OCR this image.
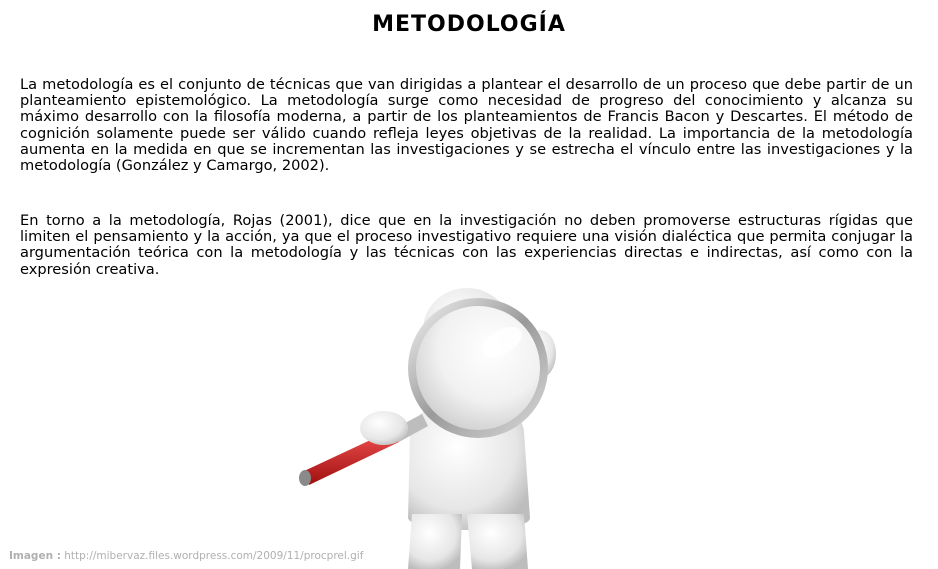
METODOLOGÍA

La metodología es el conjunto de técnicas que van dirigidas a plantear el desarrollo de un proceso que debe partir de un planteamiento epistemológico. La metodología surge como necesidad de progreso del conocimiento y alcanza su máximo desarrollo con la filosofía moderna, a partir de los planteamientos de Francis Bacon y Descartes. El método de cognición solamente puede ser válido cuando refleja leyes objetivas de la realidad. La importancia de la metodología aumenta en la medida en que se incrementan las investigaciones y se estrecha el vínculo entre las investigaciones y la metodología (González y Camargo, 2002).

En torno a la metodología, Rojas (2001), dice que en la investigación no deben promoverse estructuras rígidas que limiten el pensamiento y la acción, ya que el proceso investigativo requiere una visión dialéctica que permita conjugar la argumentación teórica con la metodología y las técnicas con las experiencias directas e indirectas, así como con la expresión creativa.

Imagen : http://mibervaz.files.wordpress.com/2009/11/procprel.gif
